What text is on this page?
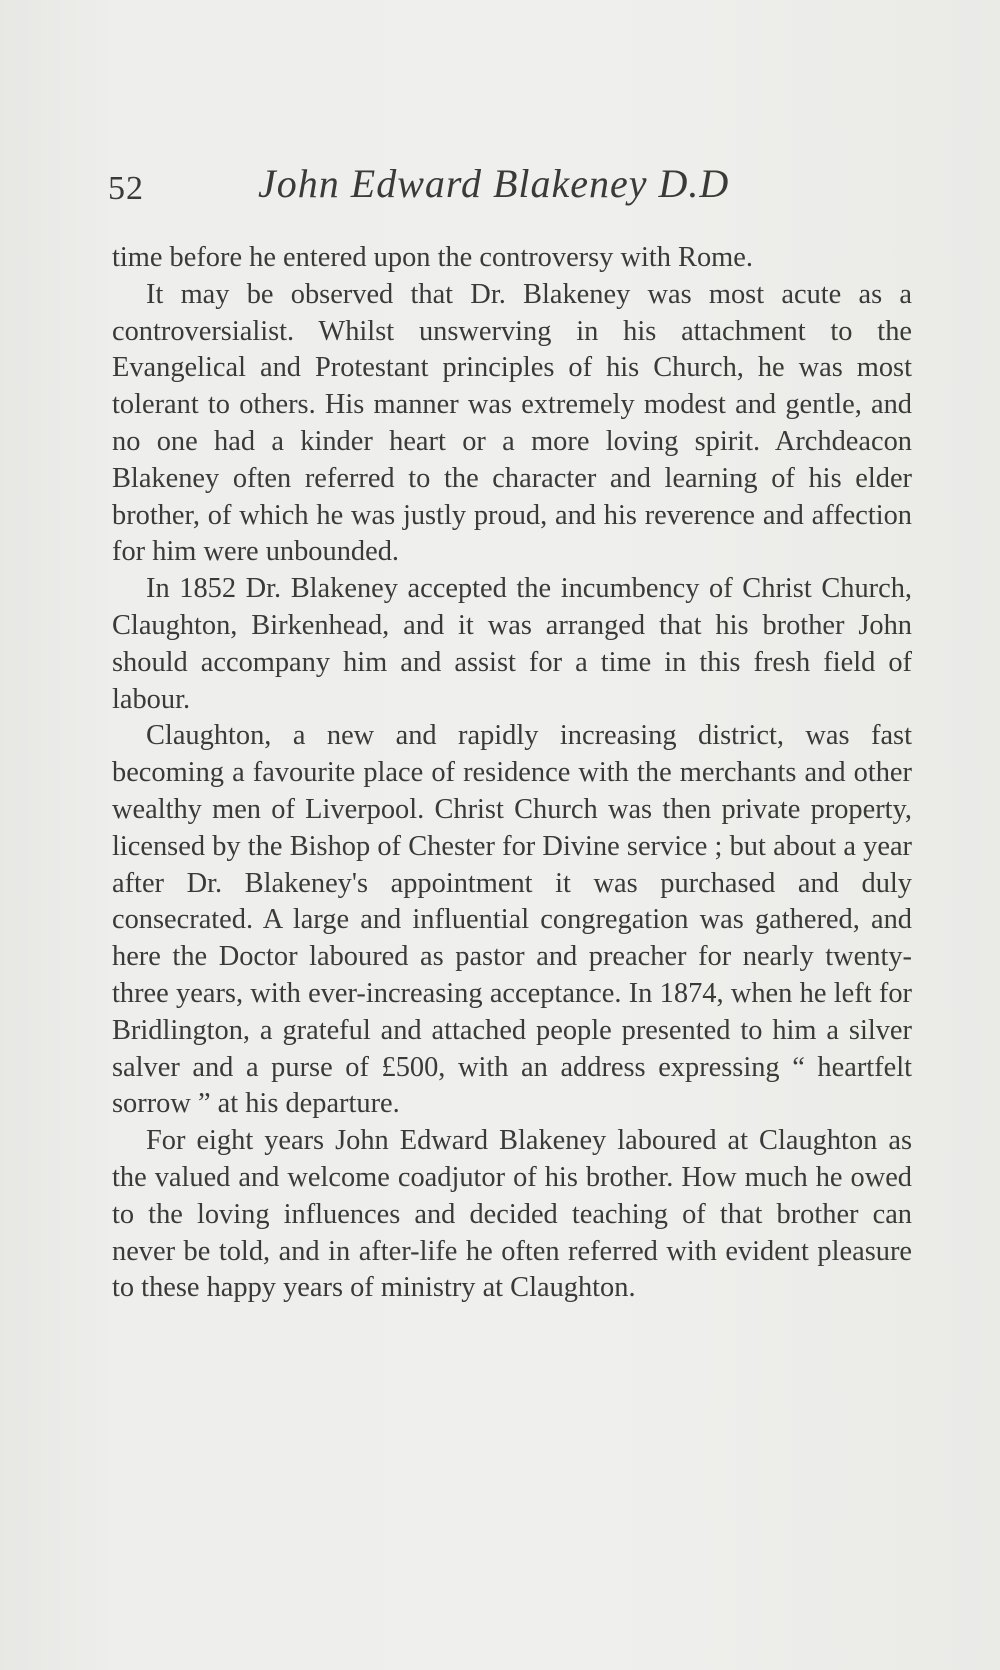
52	John Edward Blakeney D.D

time before he entered upon the controversy with Rome.

It may be observed that Dr. Blakeney was most acute as a controversialist. Whilst unswerving in his attachment to the Evangelical and Protestant principles of his Church, he was most tolerant to others. His manner was extremely modest and gentle, and no one had a kinder heart or a more loving spirit. Archdeacon Blakeney often referred to the character and learning of his elder brother, of which he was justly proud, and his reverence and affection for him were unbounded.

In 1852 Dr. Blakeney accepted the incumbency of Christ Church, Claughton, Birkenhead, and it was arranged that his brother John should accompany him and assist for a time in this fresh field of labour.

Claughton, a new and rapidly increasing district, was fast becoming a favourite place of residence with the merchants and other wealthy men of Liverpool. Christ Church was then private property, licensed by the Bishop of Chester for Divine service ; but about a year after Dr. Blakeney's appointment it was purchased and duly consecrated. A large and influential congregation was gathered, and here the Doctor laboured as pastor and preacher for nearly twenty-three years, with ever-increasing acceptance. In 1874, when he left for Bridlington, a grateful and attached people presented to him a silver salver and a purse of £500, with an address expressing “ heartfelt sorrow ” at his departure.

For eight years John Edward Blakeney laboured at Claughton as the valued and welcome coadjutor of his brother. How much he owed to the loving influences and decided teaching of that brother can never be told, and in after-life he often referred with evident pleasure to these happy years of ministry at Claughton.
